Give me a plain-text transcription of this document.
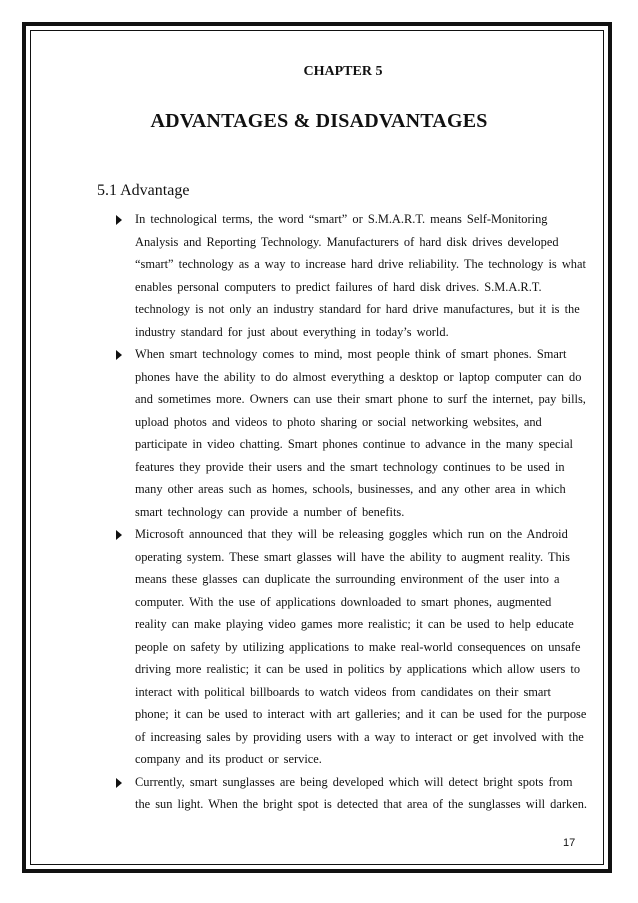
CHAPTER 5
ADVANTAGES & DISADVANTAGES
5.1 Advantage
In technological terms, the word “smart” or S.M.A.R.T. means Self-Monitoring
Analysis and Reporting Technology. Manufacturers of hard disk drives developed
“smart” technology as a way to increase hard drive reliability. The technology is what
enables personal computers to predict failures of hard disk drives. S.M.A.R.T.
technology is not only an industry standard for hard drive manufactures, but it is the
industry standard for just about everything in today’s world.
When smart technology comes to mind, most people think of smart phones. Smart
phones have the ability to do almost everything a desktop or laptop computer can do
and sometimes more. Owners can use their smart phone to surf the internet, pay bills,
upload photos and videos to photo sharing or social networking websites, and
participate in video chatting. Smart phones continue to advance in the many special
features they provide their users and the smart technology continues to be used in
many other areas such as homes, schools, businesses, and any other area in which
smart technology can provide a number of benefits.
Microsoft announced that they will be releasing goggles which run on the Android
operating system. These smart glasses will have the ability to augment reality. This
means these glasses can duplicate the surrounding environment of the user into a
computer. With the use of applications downloaded to smart phones, augmented
reality can make playing video games more realistic; it can be used to help educate
people on safety by utilizing applications to make real-world consequences on unsafe
driving more realistic; it can be used in politics by applications which allow users to
interact with political billboards to watch videos from candidates on their smart
phone; it can be used to interact with art galleries; and it can be used for the purpose
of increasing sales by providing users with a way to interact or get involved with the
company and its product or service.
Currently, smart sunglasses are being developed which will detect bright spots from
the sun light. When the bright spot is detected that area of the sunglasses will darken.
17
